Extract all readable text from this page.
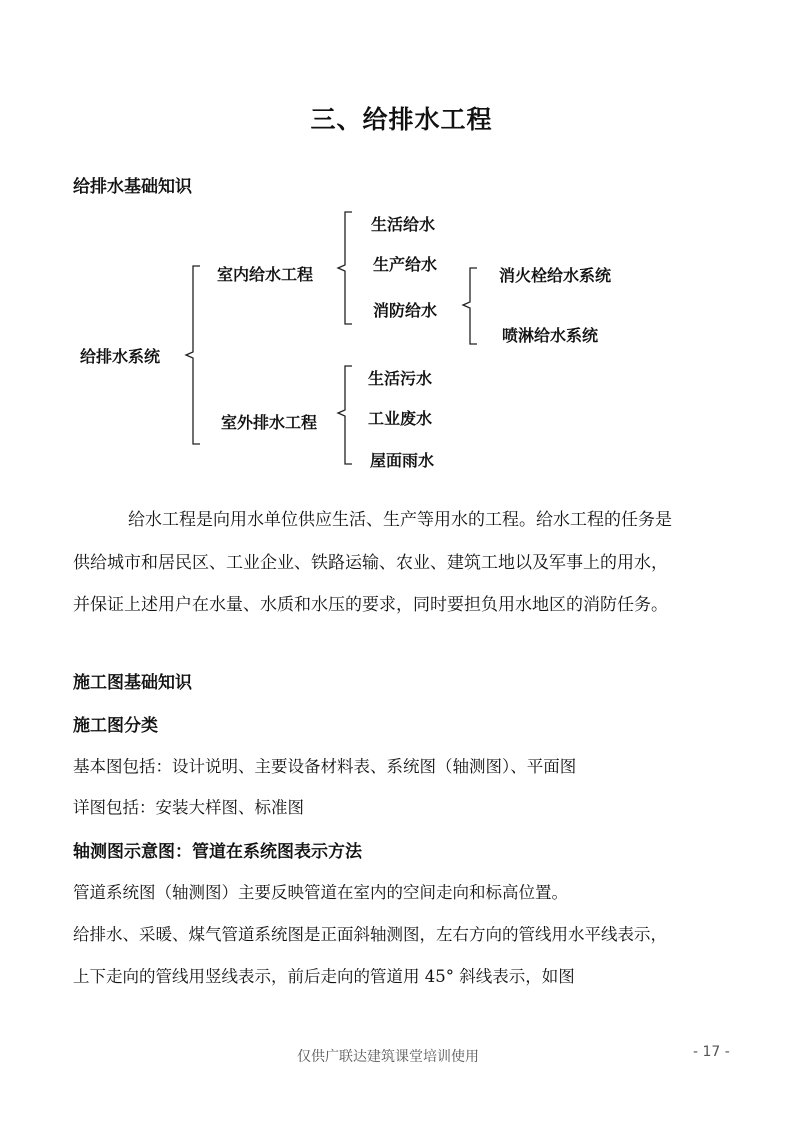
三、给排水工程
给排水基础知识
给排水系统
室内给水工程
室外排水工程
生活给水
生产给水
消防给水
消火栓给水系统
喷淋给水系统
生活污水
工业废水
屋面雨水
给水工程是向用水单位供应生活、生产等用水的工程。给水工程的任务是
供给城市和居民区、工业企业、铁路运输、农业、建筑工地以及军事上的用水，
并保证上述用户在水量、水质和水压的要求，同时要担负用水地区的消防任务。
施工图基础知识
施工图分类
基本图包括：设计说明、主要设备材料表、系统图（轴测图）、平面图
详图包括：安装大样图、标准图
轴测图示意图：管道在系统图表示方法
管道系统图（轴测图）主要反映管道在室内的空间走向和标高位置。
给排水、采暖、煤气管道系统图是正面斜轴测图，左右方向的管线用水平线表示，
上下走向的管线用竖线表示，前后走向的管道用 45° 斜线表示，如图
仅供广联达建筑课堂培训使用	- 17 -
